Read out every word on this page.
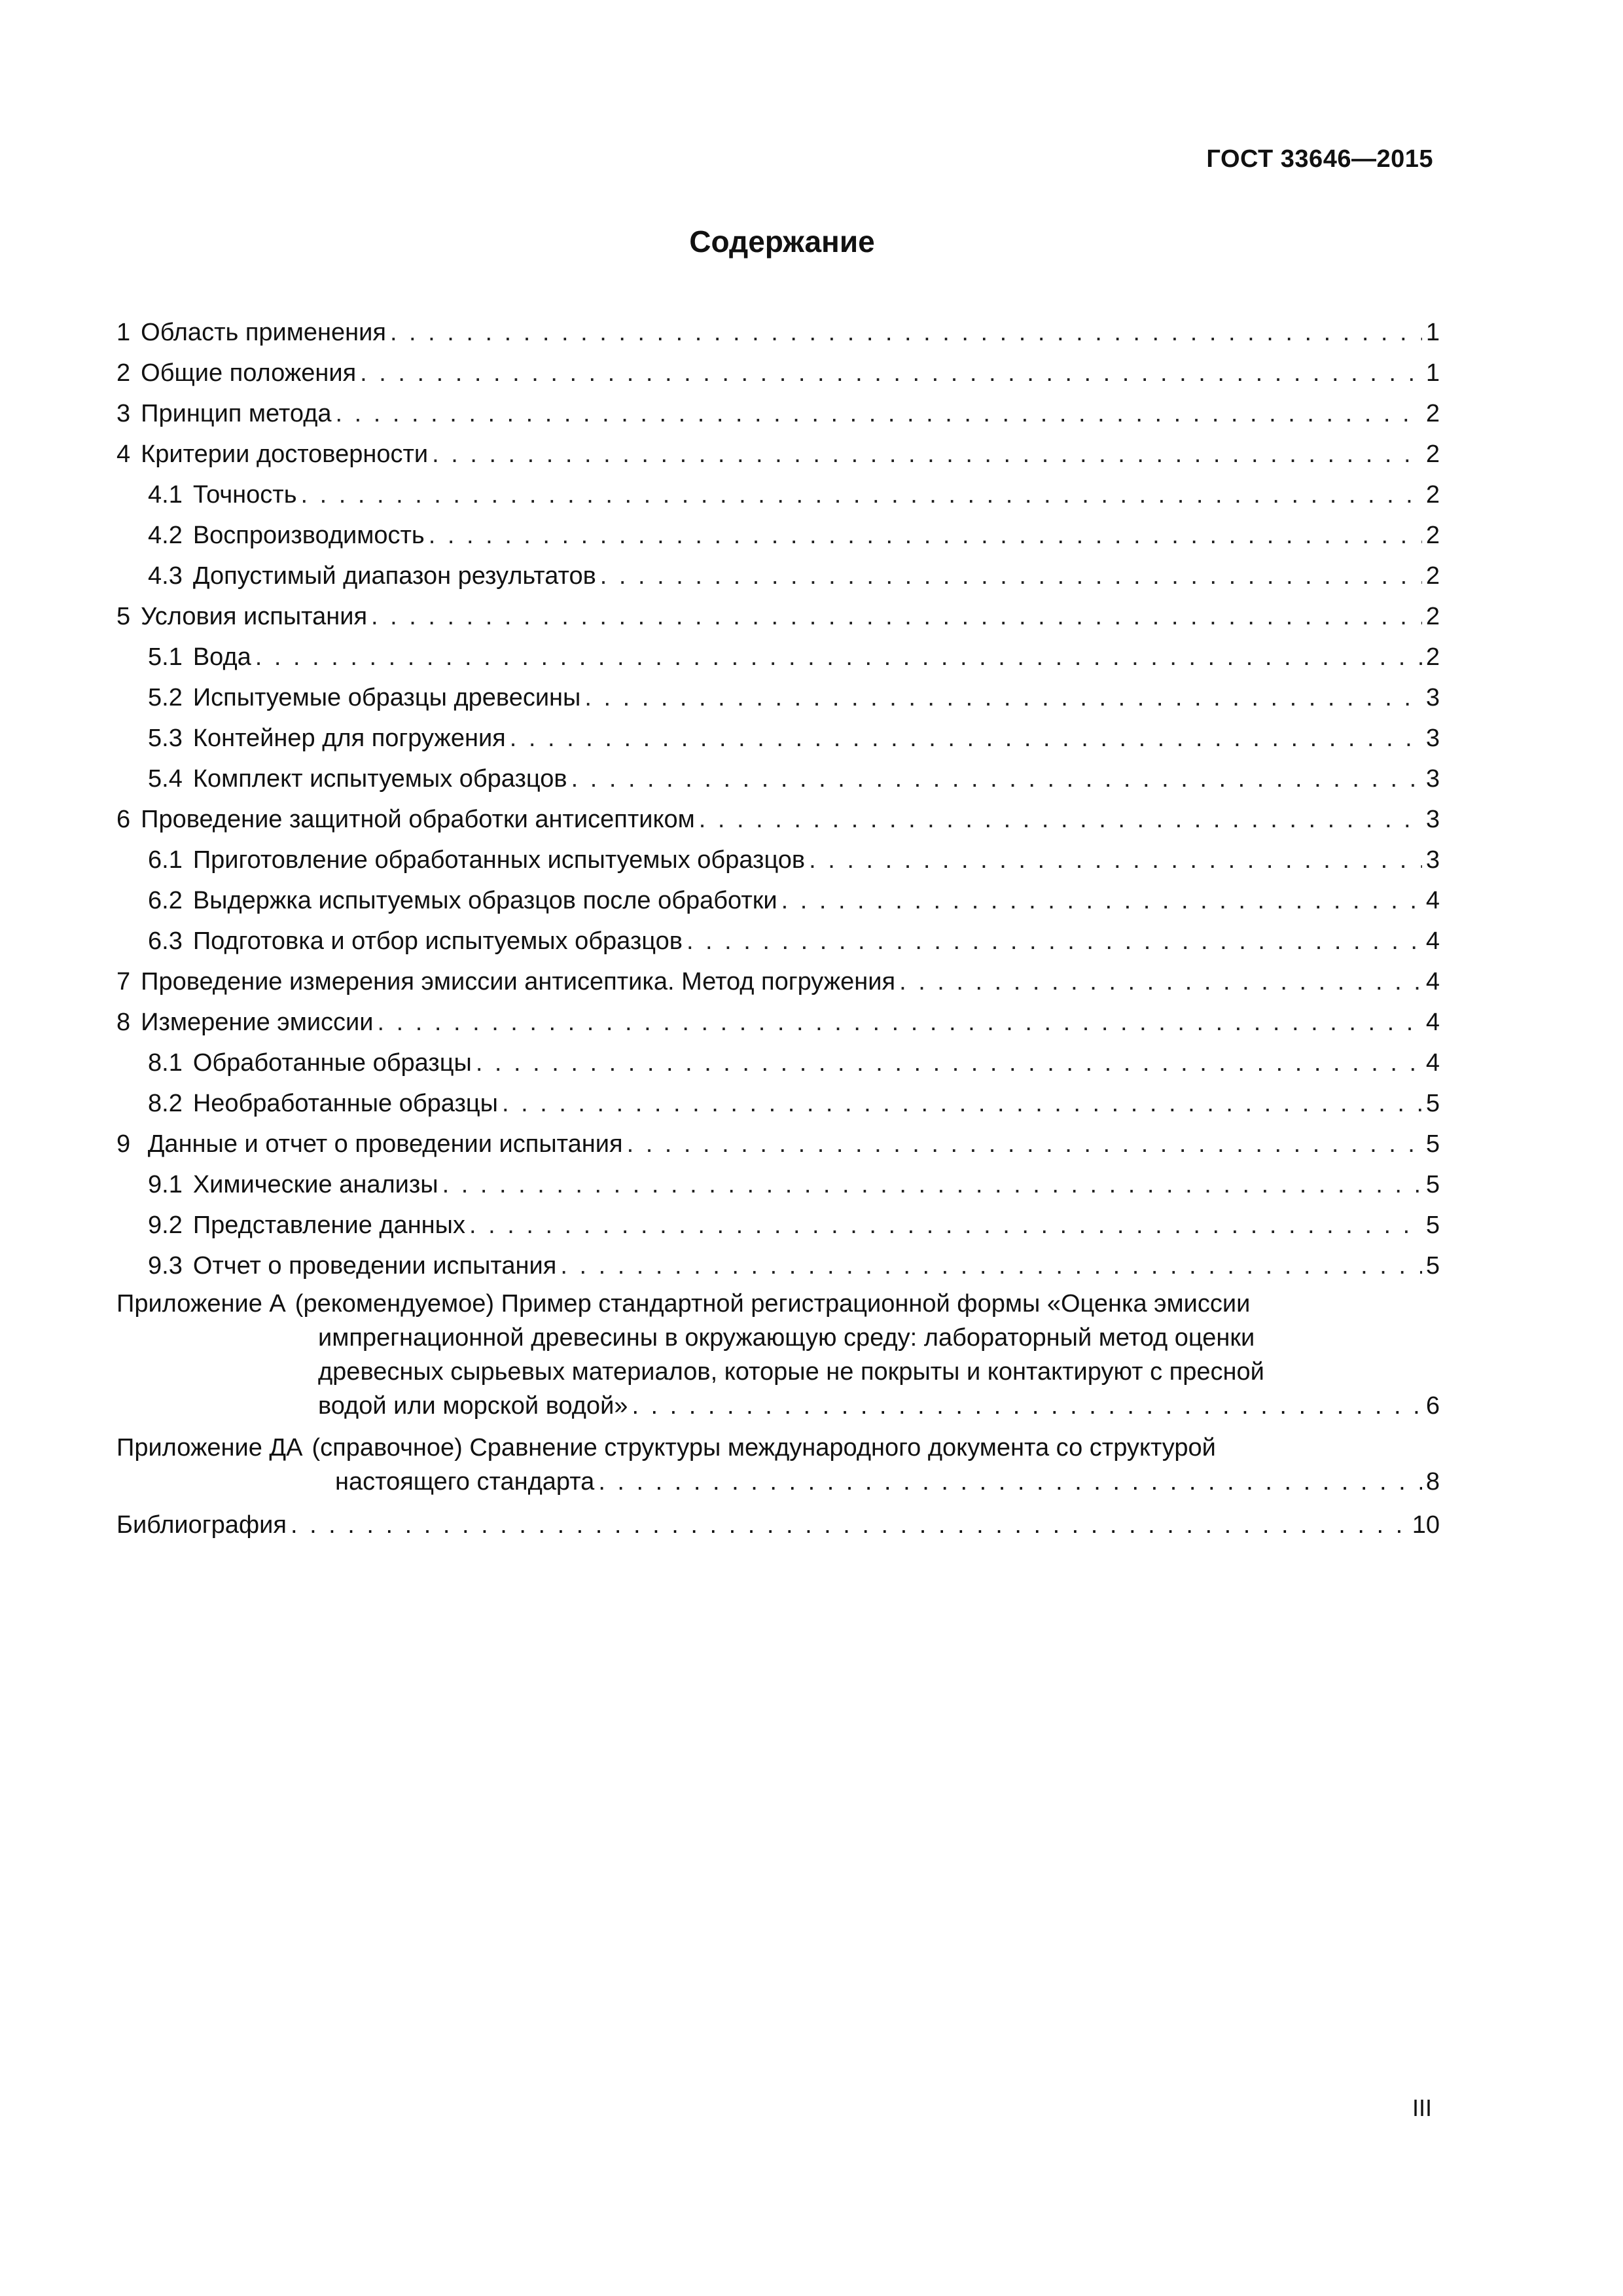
ГОСТ 33646—2015
Содержание
1 Область применения . . .	1
2 Общие положения . . .	1
3 Принцип метода . . .	2
4 Критерии достоверности . . .	2
4.1 Точность . . .	2
4.2 Воспроизводимость . . .	2
4.3 Допустимый диапазон результатов . . .	2
5 Условия испытания . . .	2
5.1 Вода . . .	2
5.2 Испытуемые образцы древесины . . .	3
5.3 Контейнер для погружения . . .	3
5.4 Комплект испытуемых образцов . . .	3
6 Проведение защитной обработки антисептиком . . .	3
6.1 Приготовление обработанных испытуемых образцов . . .	3
6.2 Выдержка испытуемых образцов после обработки . . .	4
6.3 Подготовка и отбор испытуемых образцов . . .	4
7 Проведение измерения эмиссии антисептика. Метод погружения . . .	4
8 Измерение эмиссии . . .	4
8.1 Обработанные образцы . . .	4
8.2 Необработанные образцы . . .	5
9 Данные и отчет о проведении испытания . . .	5
9.1 Химические анализы . . .	5
9.2 Представление данных . . .	5
9.3 Отчет о проведении испытания . . .	5
Приложение А (рекомендуемое) Пример стандартной регистрационной формы «Оценка эмиссии
импрегнационной древесины в окружающую среду: лабораторный метод оценки
древесных сырьевых материалов, которые не покрыты и контактируют с пресной
водой или морской водой» . . .	6
Приложение ДА (справочное) Сравнение структуры международного документа со структурой
настоящего стандарта . . .	8
Библиография . . .	10
III
